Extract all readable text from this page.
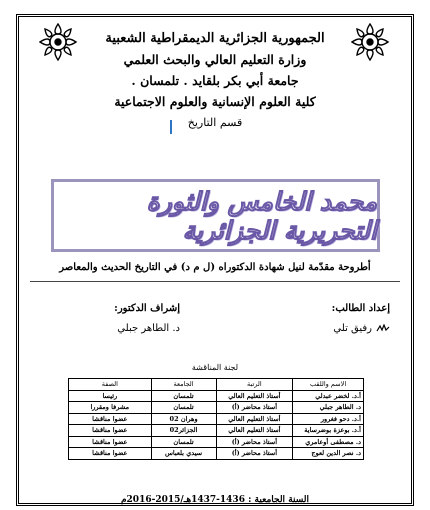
الجمهورية الجزائرية الديمقراطية الشعبية
وزارة التعليم العالي والبحث العلمي
جامعة أبي بكر بلقايد . تلمسان .
كلية العلوم الإنسانية والعلوم الاجتماعية
قسم التاريخ
محمد الخامس والثورة التحريرية الجزائرية
أطروحة مقدّمة لنيل شهادة الدكتوراه (ل م د) في التاريخ الحديث والمعاصر
إعداد الطالب:
رفيق تلي
إشراف الدكتور:
د. الطاهر جبلي
لجنة المناقشة
الاسم واللقب	الرتبة	الجامعة	الصفة
أ.د. لخضر عبدلي	أستاذ التعليم العالي	تلمسان	رئيسا
د. الطاهر جبلي	أستاذ محاضر (أ)	تلمسان	مشرفا ومقررا
أ.د. دحو فغرور	أستاذ التعليم العالي	وهران 02	عضوا مناقشا
أ.د. بوعزة بوضرساية	أستاذ التعليم العالي	الجزائر02	عضوا مناقشا
د. مصطفى أوعامري	أستاذ محاضر (أ)	تلمسان	عضوا مناقشا
د. نصر الدين لعوج	أستاذ محاضر (أ)	سيدي بلعباس	عضوا مناقشا
السنة الجامعية : 1436-1437هـ/2015-2016م
